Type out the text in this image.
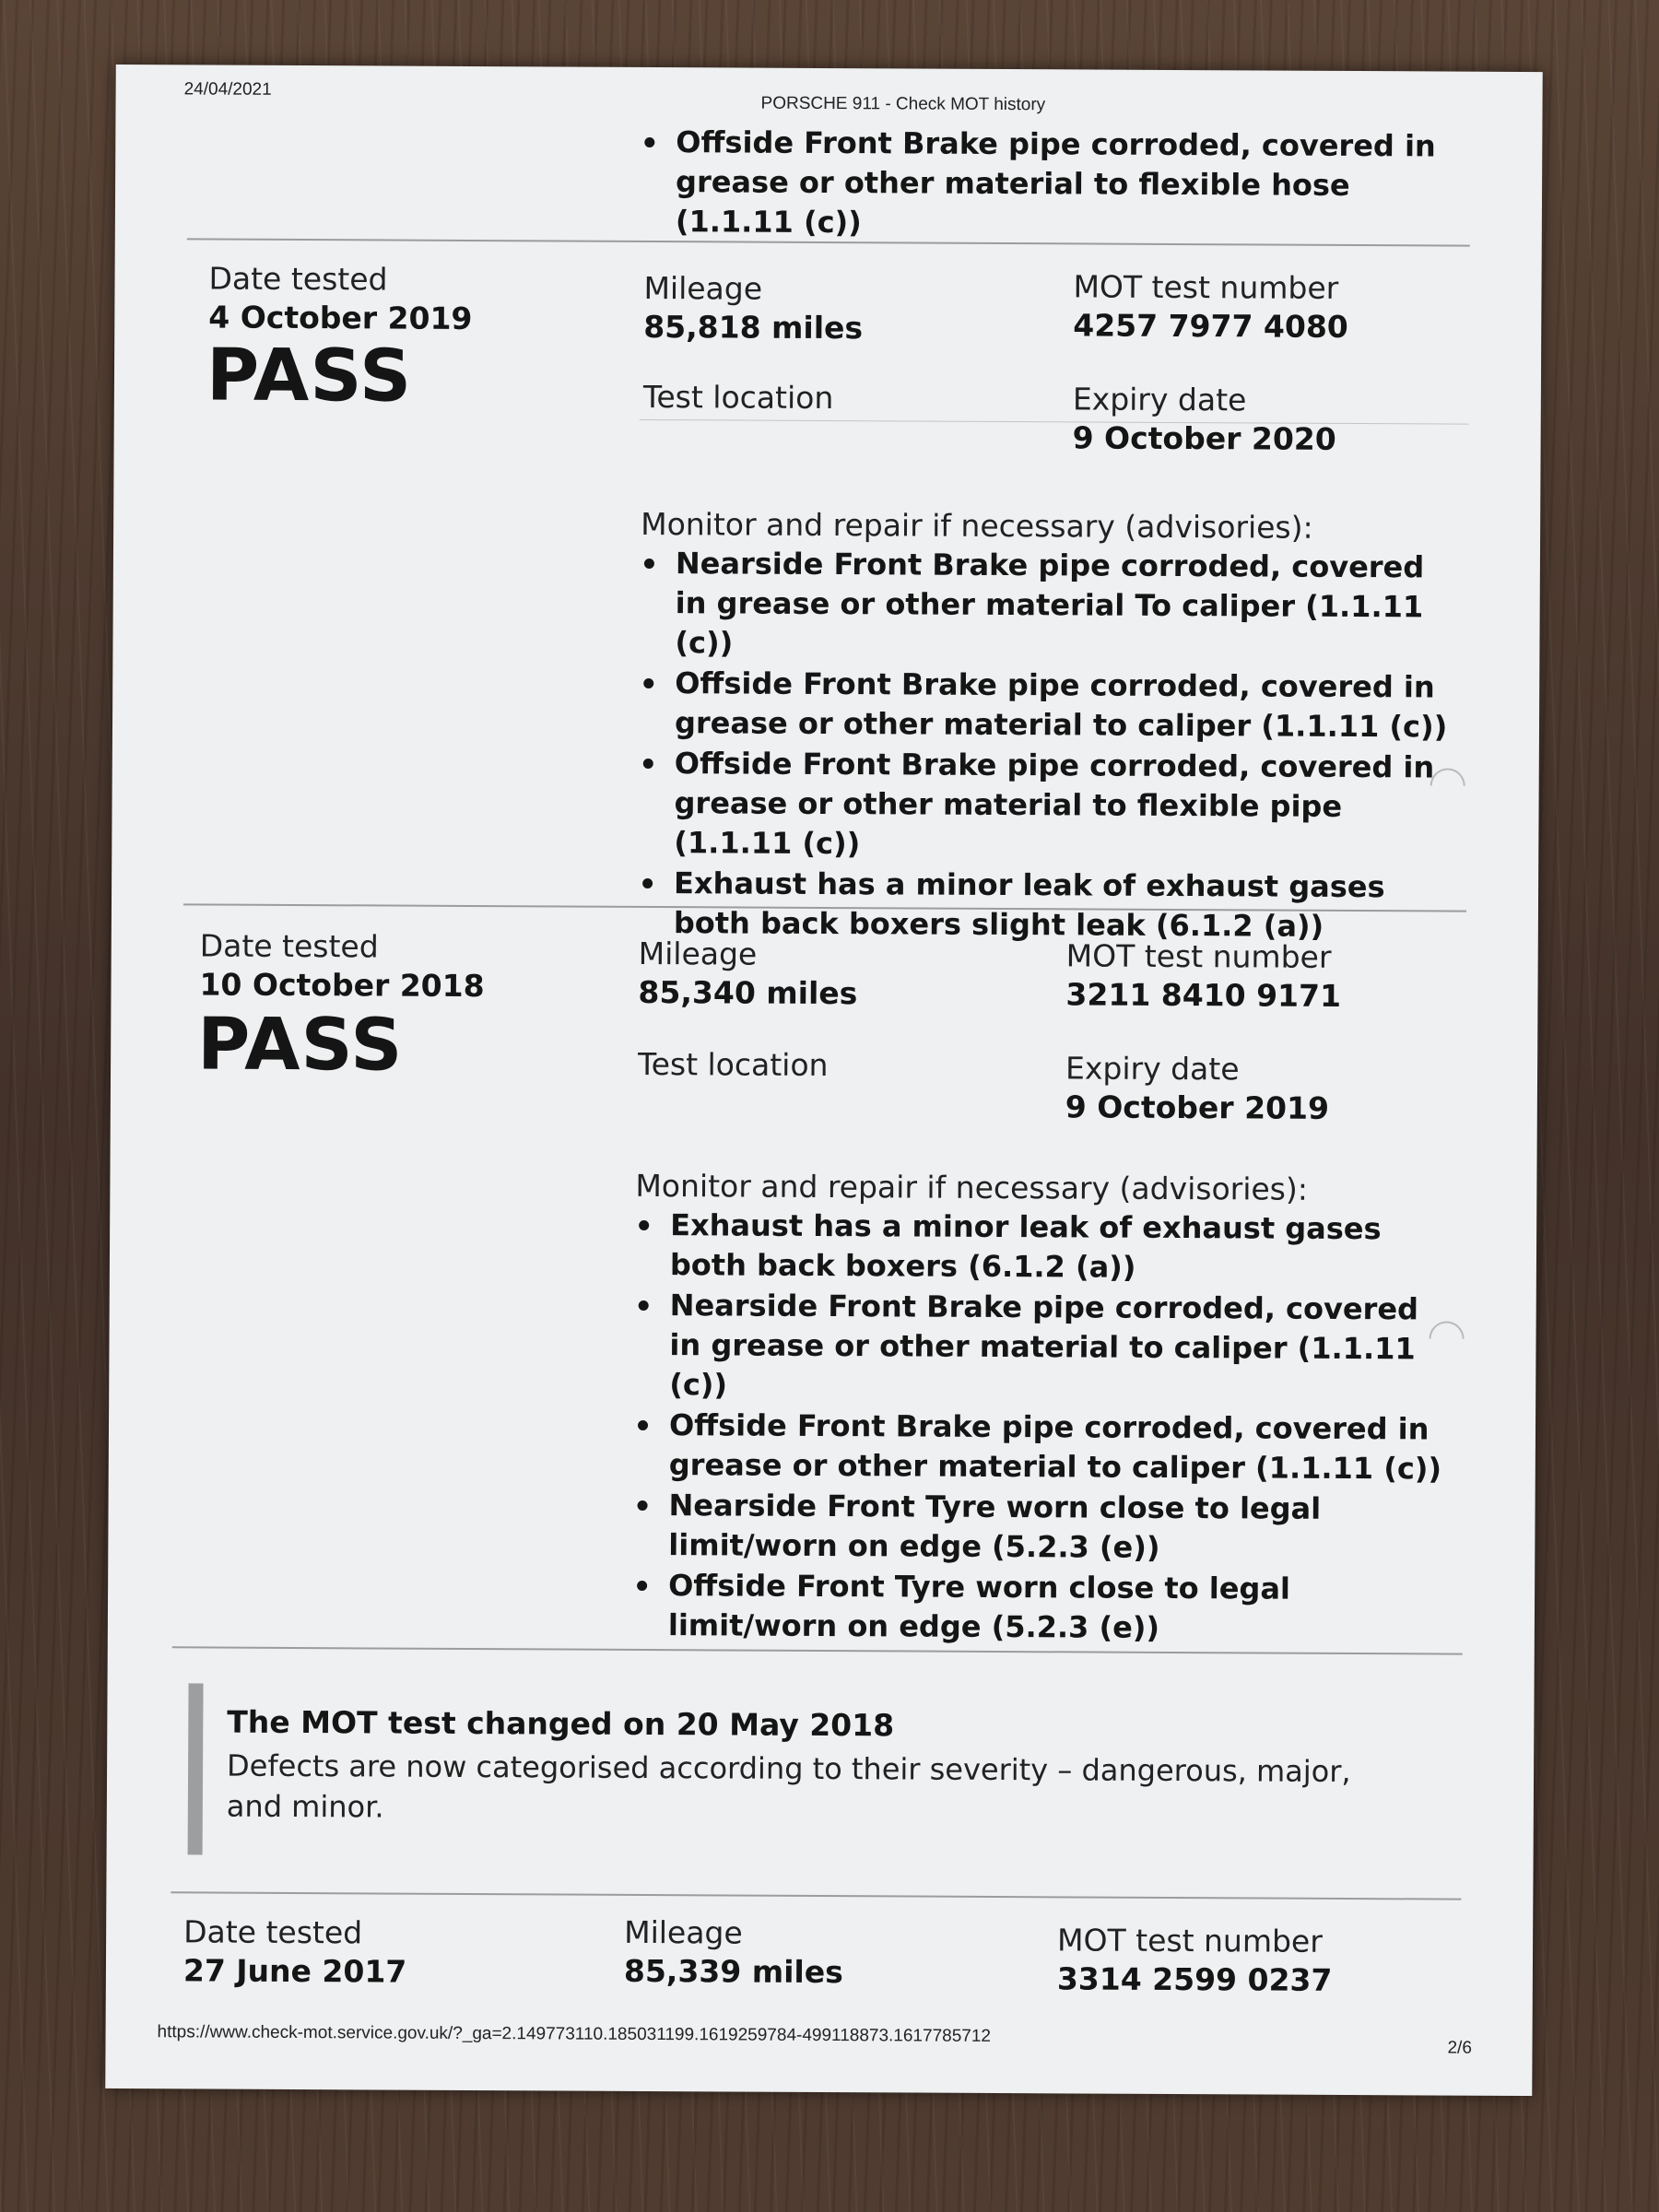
24/04/2021
PORSCHE 911 - Check MOT history
Offside Front Brake pipe corroded, covered in grease or other material to flexible hose (1.1.11 (c))
Date tested
4 October 2019
PASS
Mileage
85,818 miles
Test location
MOT test number
4257 7977 4080
Expiry date
9 October 2020
Monitor and repair if necessary (advisories):
Nearside Front Brake pipe corroded, covered in grease or other material To caliper (1.1.11 (c))
Offside Front Brake pipe corroded, covered in grease or other material to caliper (1.1.11 (c))
Offside Front Brake pipe corroded, covered in grease or other material to flexible pipe (1.1.11 (c))
Exhaust has a minor leak of exhaust gases both back boxers slight leak (6.1.2 (a))
Date tested
10 October 2018
PASS
Mileage
85,340 miles
Test location
MOT test number
3211 8410 9171
Expiry date
9 October 2019
Monitor and repair if necessary (advisories):
Exhaust has a minor leak of exhaust gases both back boxers (6.1.2 (a))
Nearside Front Brake pipe corroded, covered in grease or other material to caliper (1.1.11 (c))
Offside Front Brake pipe corroded, covered in grease or other material to caliper (1.1.11 (c))
Nearside Front Tyre worn close to legal limit/worn on edge (5.2.3 (e))
Offside Front Tyre worn close to legal limit/worn on edge (5.2.3 (e))
The MOT test changed on 20 May 2018
Defects are now categorised according to their severity – dangerous, major, and minor.
Date tested
27 June 2017
Mileage
85,339 miles
MOT test number
3314 2599 0237
https://www.check-mot.service.gov.uk/?_ga=2.149773110.185031199.1619259784-499118873.1617785712
2/6
